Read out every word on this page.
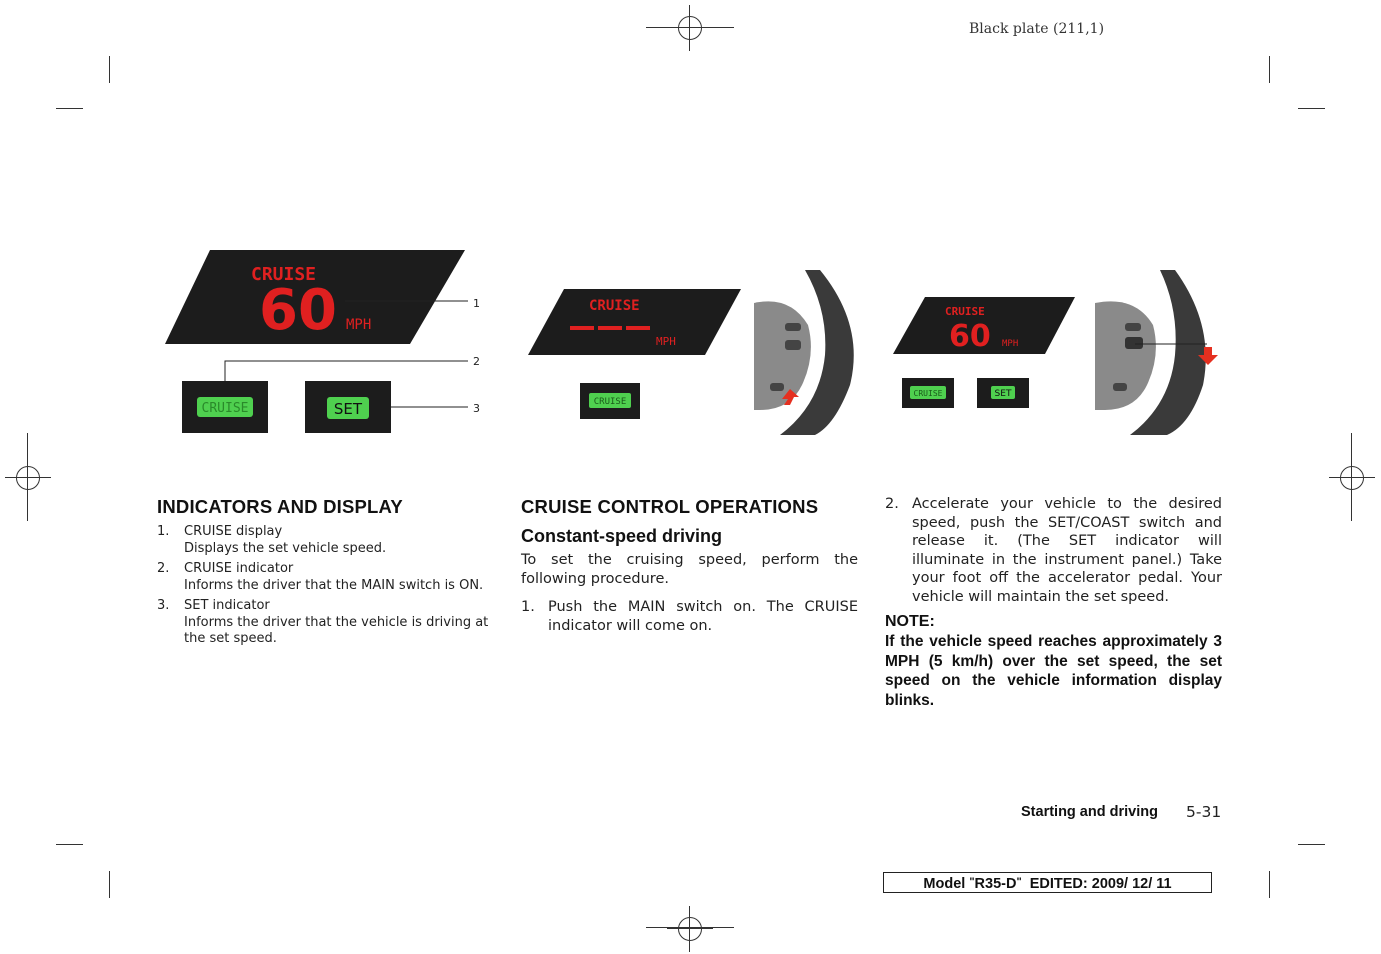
Black plate (211,1)
CRUISE
60 MPH
1
2
CRUISE	SET	3
CRUISE
MPH
CRUISE
CRUISE
60 MPH
CRUISE	SET
INDICATORS AND DISPLAY
1. CRUISE display
Displays the set vehicle speed.
2. CRUISE indicator
Informs the driver that the MAIN switch is ON.
3. SET indicator
Informs the driver that the vehicle is driving at the set speed.
CRUISE CONTROL OPERATIONS
Constant-speed driving

To set the cruising speed, perform the following procedure.

1. Push the MAIN switch on. The CRUISE indicator will come on.
2. Accelerate your vehicle to the desired speed, push the SET/COAST switch and release it. (The SET indicator will illuminate in the instrument panel.) Take your foot off the accelerator pedal. Your vehicle will maintain the set speed.

NOTE:

If the vehicle speed reaches approximately 3 MPH (5 km/h) over the set speed, the set speed on the vehicle information display blinks.

Starting and driving 5-31
Model "R35-D" EDITED: 2009/ 12/ 11
